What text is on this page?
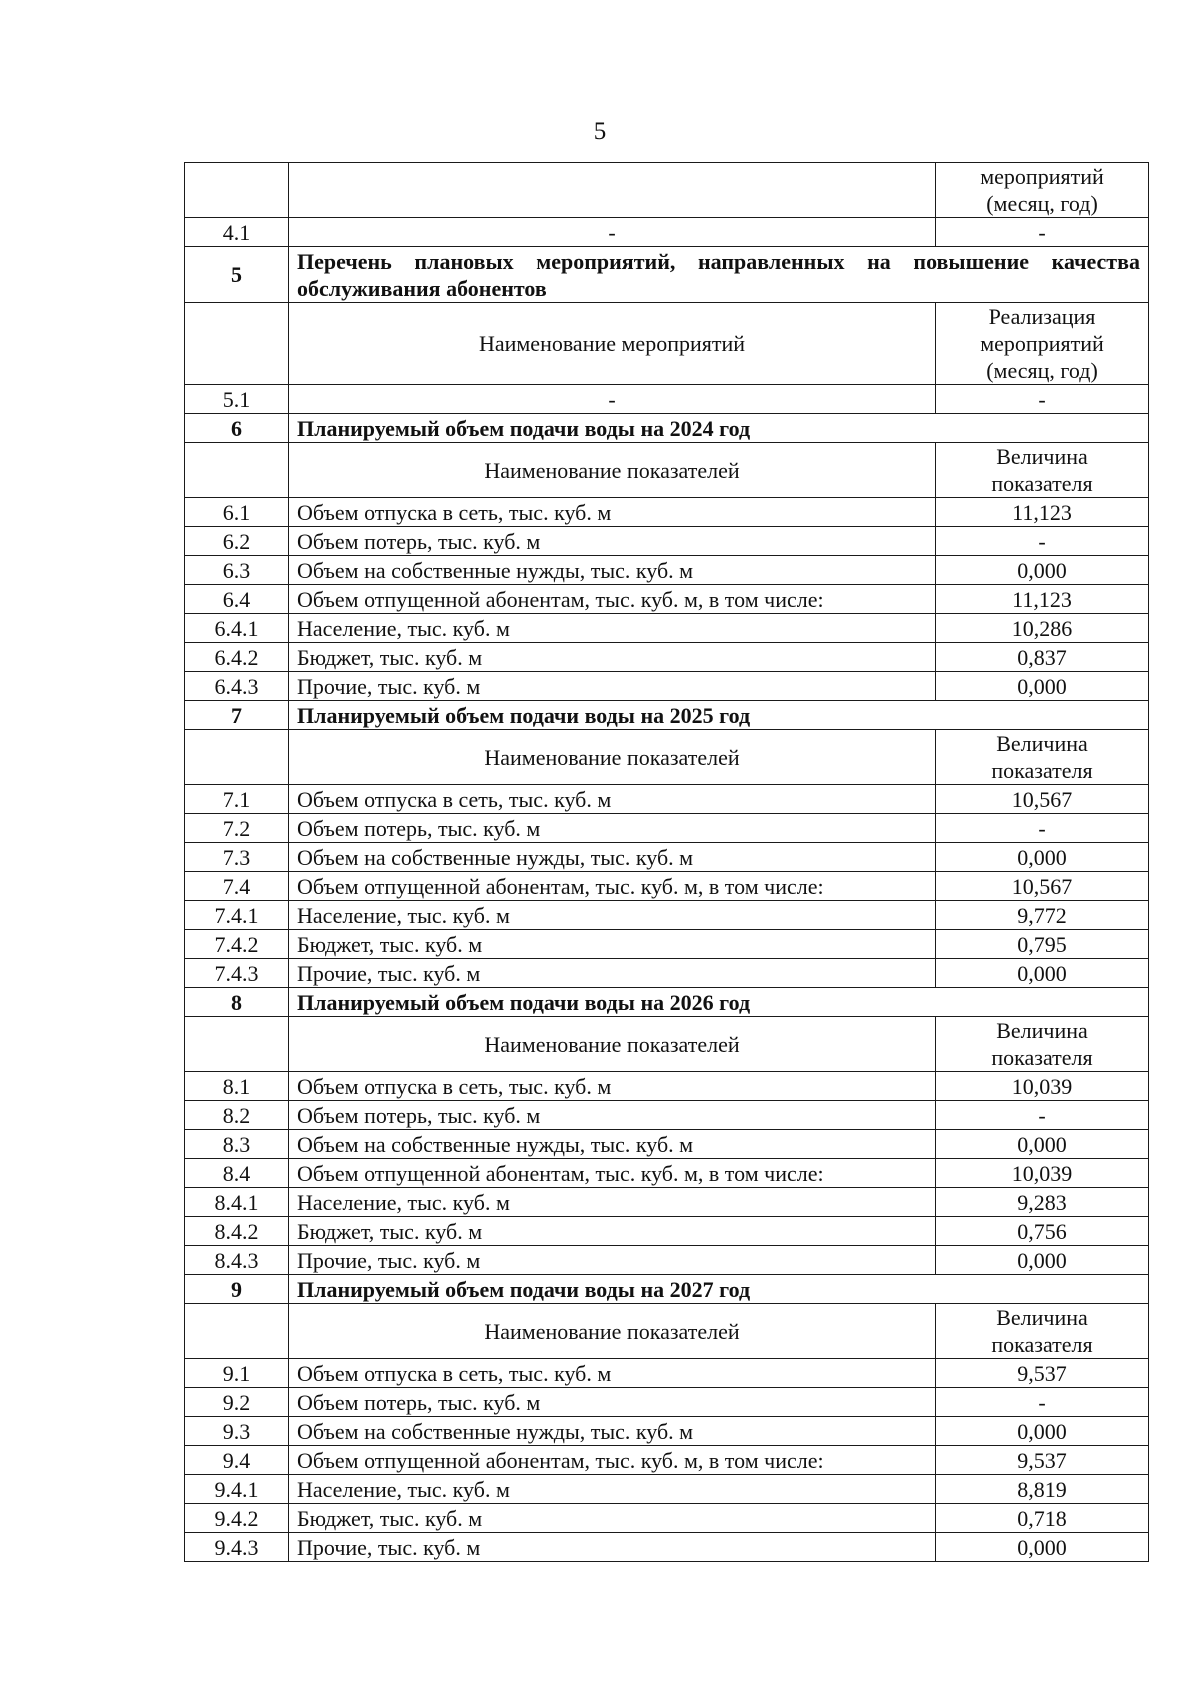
5
		мероприятий (месяц, год)
4.1	-	-
5	Перечень плановых мероприятий, направленных на повышение качества обслуживания абонентов	
	Наименование мероприятий	Реализация мероприятий (месяц, год)
5.1	-	-
6	Планируемый объем подачи воды на 2024 год	
	Наименование показателей	Величина показателя
6.1	Объем отпуска в сеть, тыс. куб. м	11,123
6.2	Объем потерь, тыс. куб. м	-
6.3	Объем на собственные нужды, тыс. куб. м	0,000
6.4	Объем отпущенной абонентам, тыс. куб. м, в том числе:	11,123
6.4.1	Население, тыс. куб. м	10,286
6.4.2	Бюджет, тыс. куб. м	0,837
6.4.3	Прочие, тыс. куб. м	0,000
7	Планируемый объем подачи воды на 2025 год	
	Наименование показателей	Величина показателя
7.1	Объем отпуска в сеть, тыс. куб. м	10,567
7.2	Объем потерь, тыс. куб. м	-
7.3	Объем на собственные нужды, тыс. куб. м	0,000
7.4	Объем отпущенной абонентам, тыс. куб. м, в том числе:	10,567
7.4.1	Население, тыс. куб. м	9,772
7.4.2	Бюджет, тыс. куб. м	0,795
7.4.3	Прочие, тыс. куб. м	0,000
8	Планируемый объем подачи воды на 2026 год	
	Наименование показателей	Величина показателя
8.1	Объем отпуска в сеть, тыс. куб. м	10,039
8.2	Объем потерь, тыс. куб. м	-
8.3	Объем на собственные нужды, тыс. куб. м	0,000
8.4	Объем отпущенной абонентам, тыс. куб. м, в том числе:	10,039
8.4.1	Население, тыс. куб. м	9,283
8.4.2	Бюджет, тыс. куб. м	0,756
8.4.3	Прочие, тыс. куб. м	0,000
9	Планируемый объем подачи воды на 2027 год	
	Наименование показателей	Величина показателя
9.1	Объем отпуска в сеть, тыс. куб. м	9,537
9.2	Объем потерь, тыс. куб. м	-
9.3	Объем на собственные нужды, тыс. куб. м	0,000
9.4	Объем отпущенной абонентам, тыс. куб. м, в том числе:	9,537
9.4.1	Население, тыс. куб. м	8,819
9.4.2	Бюджет, тыс. куб. м	0,718
9.4.3	Прочие, тыс. куб. м	0,000
